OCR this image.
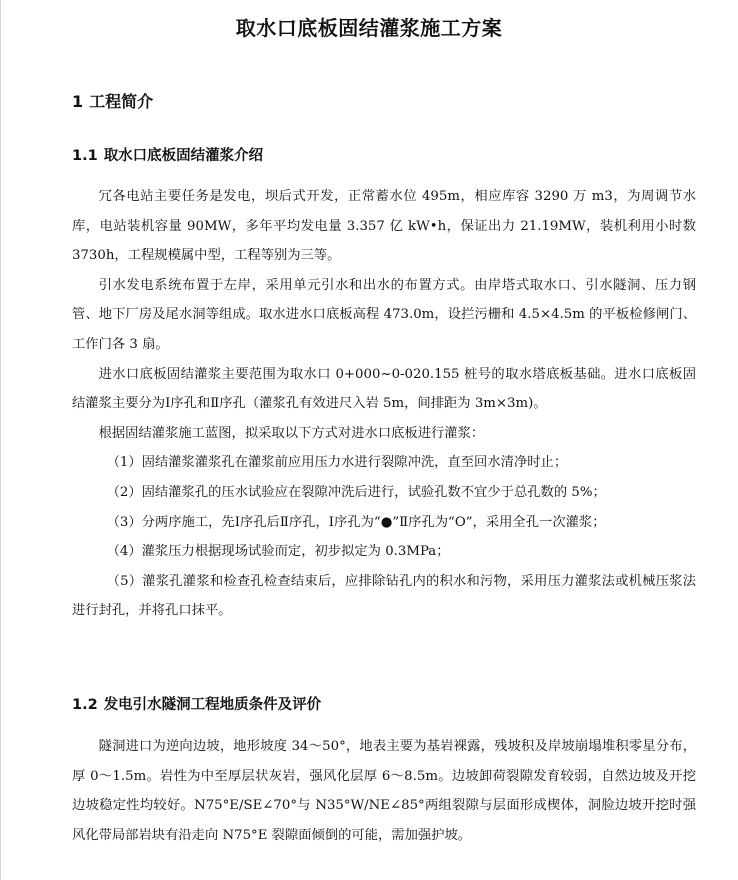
取水口底板固结灌浆施工方案
1 工程简介
1.1 取水口底板固结灌浆介绍

冗各电站主要任务是发电，坝后式开发，正常蓄水位 495m，相应库容 3290 万 m3，为周调节水库，电站装机容量 90MW，多年平均发电量 3.357 亿 kW•h，保证出力 21.19MW，装机利用小时数 3730h，工程规模属中型，工程等别为三等。

引水发电系统布置于左岸，采用单元引水和出水的布置方式。由岸塔式取水口、引水隧洞、压力钢管、地下厂房及尾水洞等组成。取水进水口底板高程 473.0m，设拦污栅和 4.5×4.5m 的平板检修闸门、工作门各 3 扇。

进水口底板固结灌浆主要范围为取水口 0+000~0-020.155 桩号的取水塔底板基础。进水口底板固结灌浆主要分为Ⅰ序孔和Ⅱ序孔（灌浆孔有效进尺入岩 5m，间排距为 3m×3m)。

根据固结灌浆施工蓝图，拟采取以下方式对进水口底板进行灌浆：

（1）固结灌浆灌浆孔在灌浆前应用压力水进行裂隙冲洗，直至回水清净时止；

（2）固结灌浆孔的压水试验应在裂隙冲洗后进行，试验孔数不宜少于总孔数的 5%；

（3）分两序施工，先Ⅰ序孔后Ⅱ序孔，Ⅰ序孔为“●”Ⅱ序孔为“O”，采用全孔一次灌浆；

（4）灌浆压力根据现场试验而定，初步拟定为 0.3MPa；

（5）灌浆孔灌浆和检查孔检查结束后，应排除钻孔内的积水和污物，采用压力灌浆法或机械压浆法进行封孔，并将孔口抹平。

1.2 发电引水隧洞工程地质条件及评价

隧洞进口为逆向边坡，地形坡度 34～50°，地表主要为基岩裸露，残坡积及岸坡崩塌堆积零星分布，厚 0～1.5m。岩性为中至厚层状灰岩，强风化层厚 6～8.5m。边坡卸荷裂隙发育较弱，自然边坡及开挖边坡稳定性均较好。N75°E/SE∠70°与 N35°W/NE∠85°两组裂隙与层面形成楔体，洞脸边坡开挖时强风化带局部岩块有沿走向 N75°E 裂隙面倾倒的可能，需加强护坡。
